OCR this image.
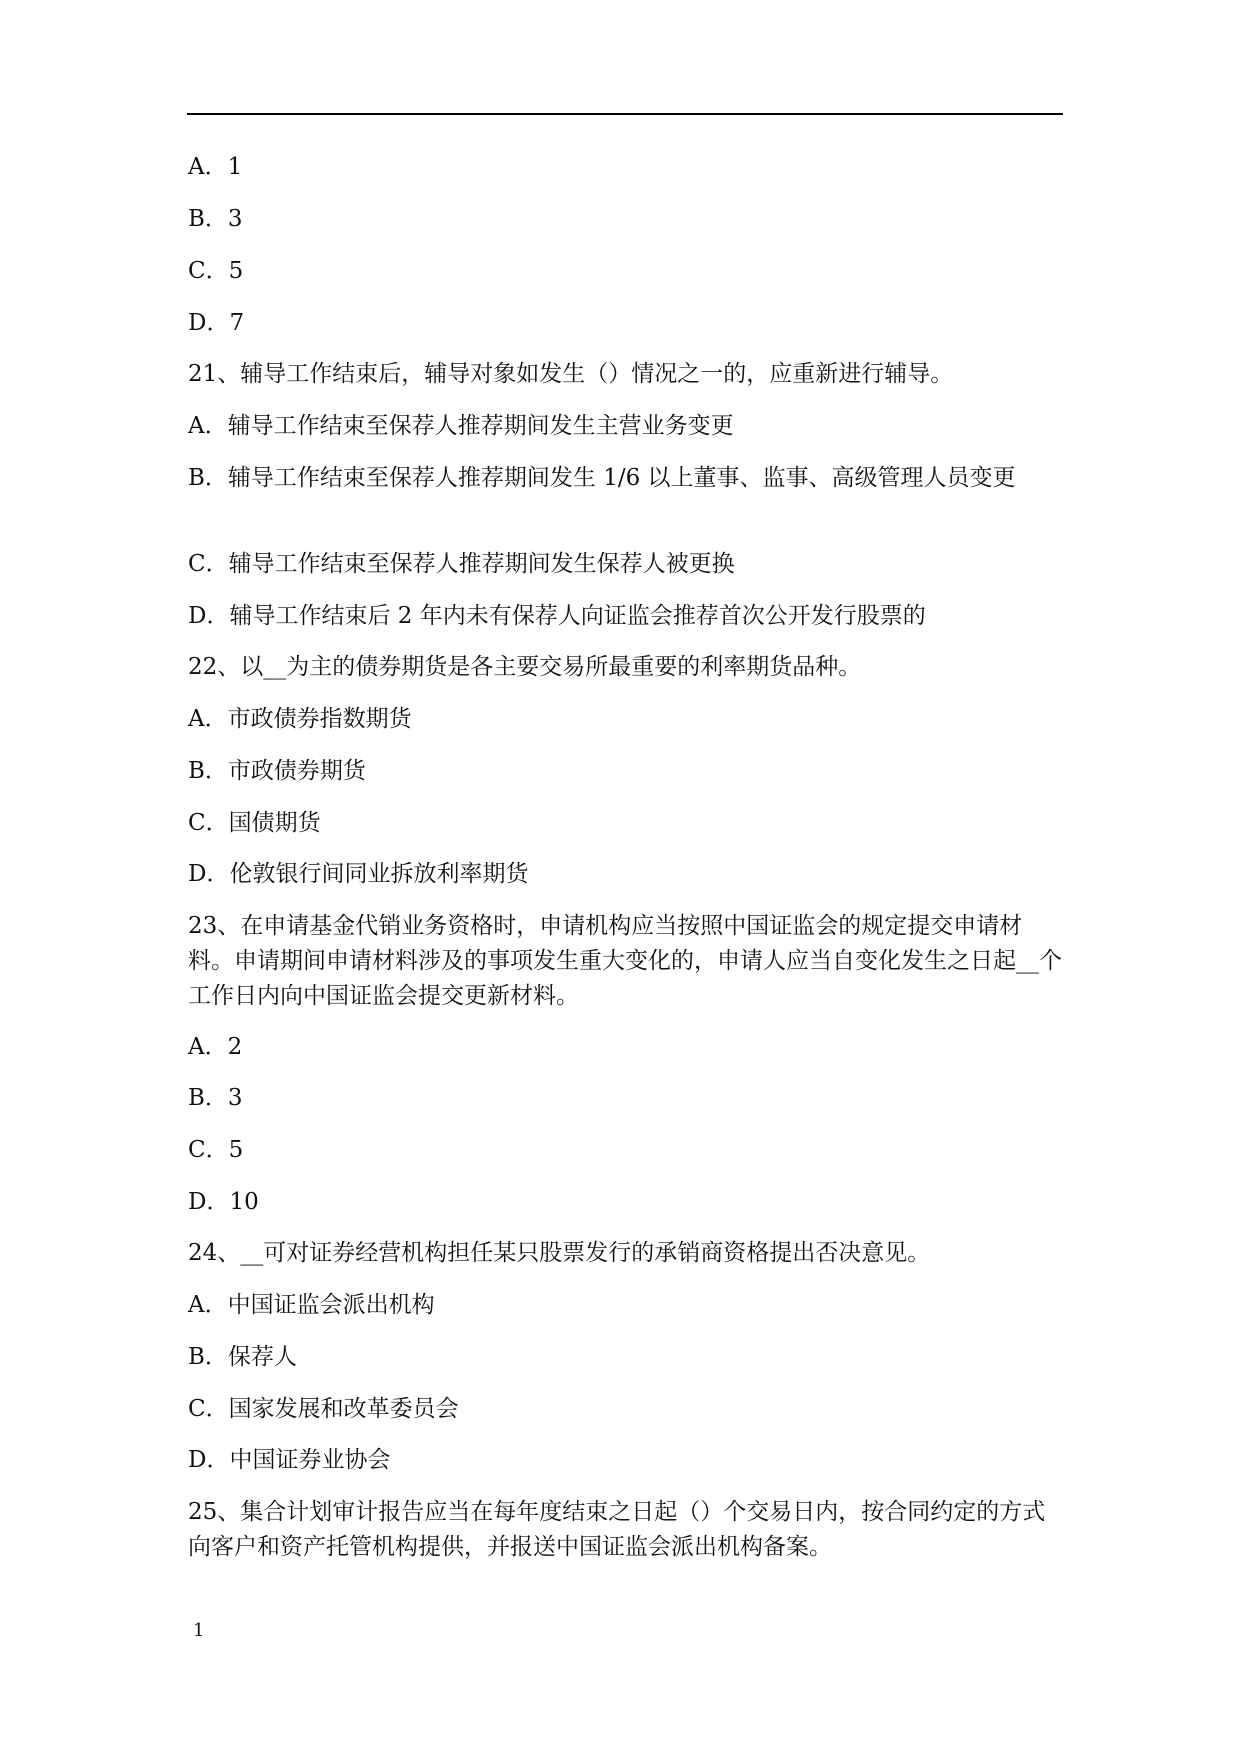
A．1
B．3
C．5
D．7
21、辅导工作结束后，辅导对象如发生（）情况之一的，应重新进行辅导。
A．辅导工作结束至保荐人推荐期间发生主营业务变更
B．辅导工作结束至保荐人推荐期间发生 1/6 以上董事、监事、高级管理人员变更
C．辅导工作结束至保荐人推荐期间发生保荐人被更换
D．辅导工作结束后 2 年内未有保荐人向证监会推荐首次公开发行股票的
22、以__为主的债券期货是各主要交易所最重要的利率期货品种。
A．市政债券指数期货
B．市政债券期货
C．国债期货
D．伦敦银行间同业拆放利率期货
23、在申请基金代销业务资格时，申请机构应当按照中国证监会的规定提交申请材料。申请期间申请材料涉及的事项发生重大变化的，申请人应当自变化发生之日起__个工作日内向中国证监会提交更新材料。
A．2
B．3
C．5
D．10
24、__可对证券经营机构担任某只股票发行的承销商资格提出否决意见。
A．中国证监会派出机构
B．保荐人
C．国家发展和改革委员会
D．中国证券业协会
25、集合计划审计报告应当在每年度结束之日起（）个交易日内，按合同约定的方式向客户和资产托管机构提供，并报送中国证监会派出机构备案。
1
